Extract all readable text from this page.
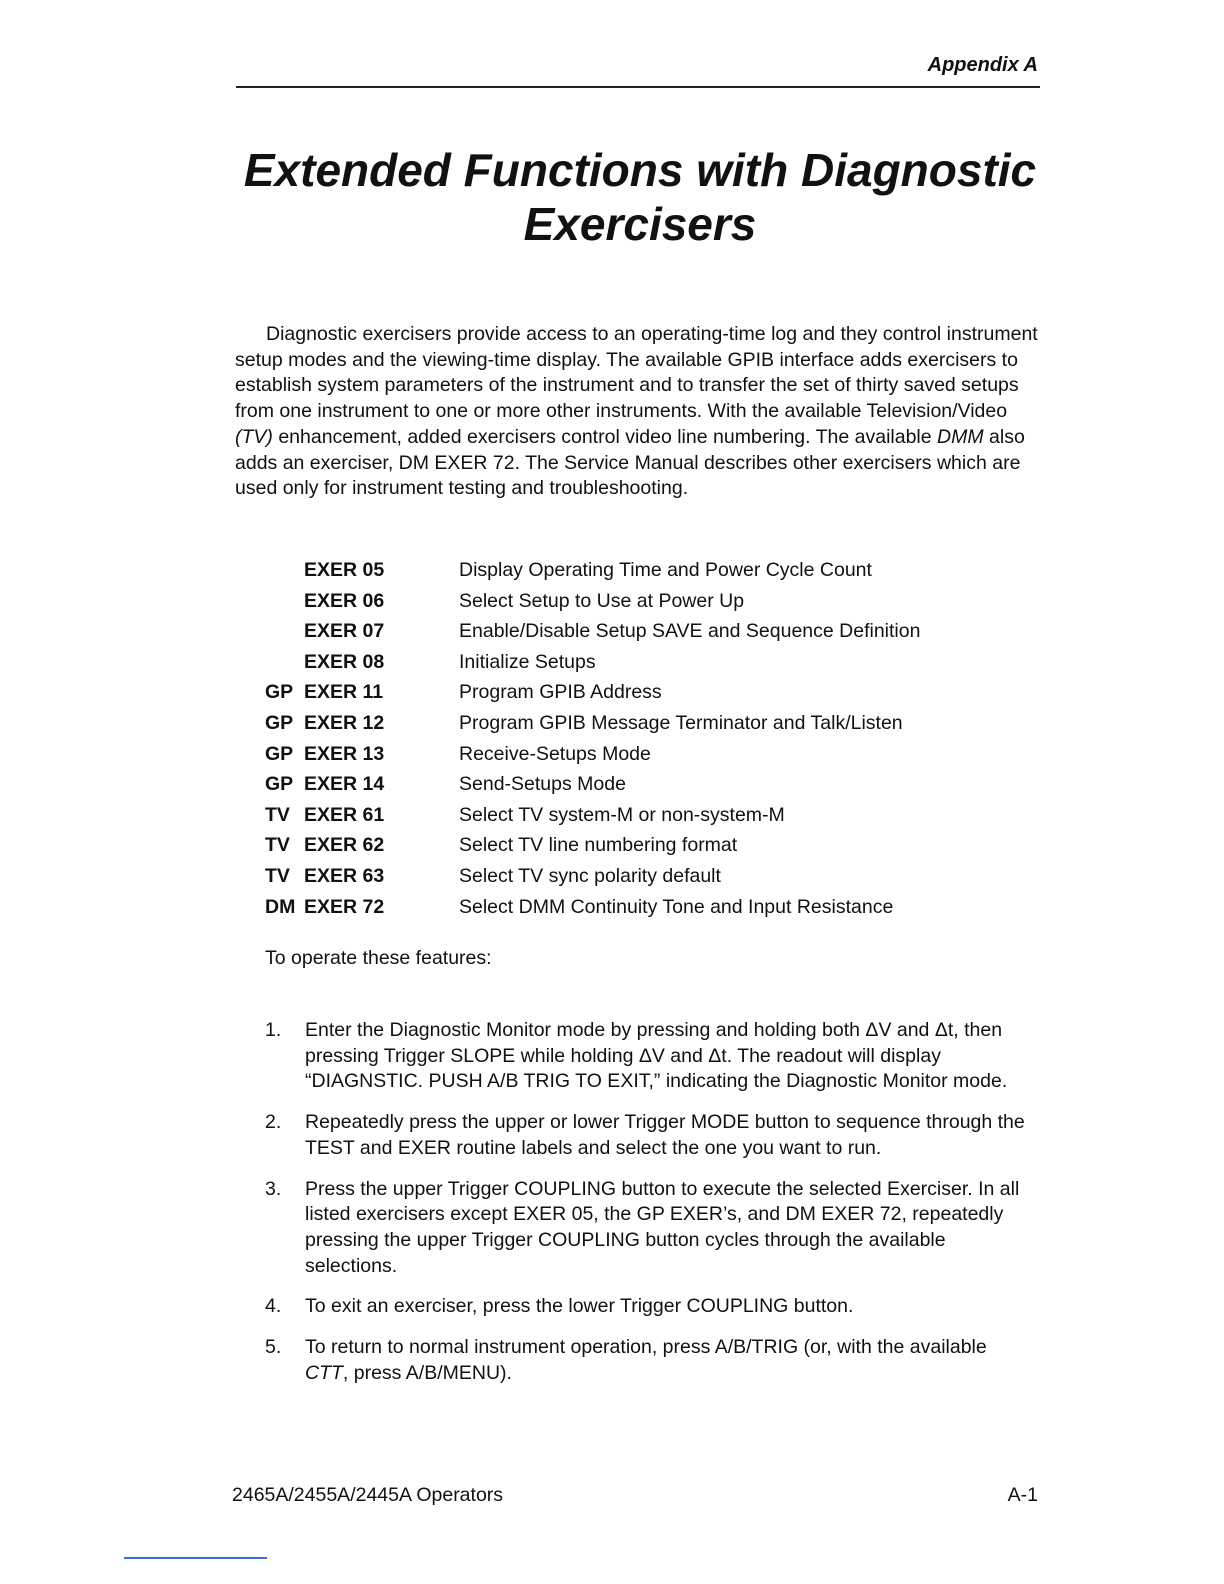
Appendix A
Extended Functions with Diagnostic
Exercisers

Diagnostic exercisers provide access to an operating-time log and they control instrument setup modes and the viewing-time display. The available GPIB interface adds exercisers to establish system parameters of the instrument and to transfer the set of thirty saved setups from one instrument to one or more other instruments. With the available Television/Video (TV) enhancement, added exercisers control video line numbering. The available DMM also adds an exerciser, DM EXER 72. The Service Manual describes other exercisers which are used only for instrument testing and troubleshooting.

EXER 05	Display Operating Time and Power Cycle Count
EXER 06	Select Setup to Use at Power Up
EXER 07	Enable/Disable Setup SAVE and Sequence Definition
EXER 08	Initialize Setups
GP EXER 11	Program GPIB Address
GP EXER 12	Program GPIB Message Terminator and Talk/Listen
GP EXER 13	Receive-Setups Mode
GP EXER 14	Send-Setups Mode
TV EXER 61	Select TV system-M or non-system-M
TV EXER 62	Select TV line numbering format
TV EXER 63	Select TV sync polarity default
DM EXER 72	Select DMM Continuity Tone and Input Resistance

To operate these features:

1. Enter the Diagnostic Monitor mode by pressing and holding both ΔV and Δt, then pressing Trigger SLOPE while holding ΔV and Δt. The readout will display “DIAGNSTIC. PUSH A/B TRIG TO EXIT,” indicating the Diagnostic Monitor mode.
2. Repeatedly press the upper or lower Trigger MODE button to sequence through the TEST and EXER routine labels and select the one you want to run.
3. Press the upper Trigger COUPLING button to execute the selected Exerciser. In all listed exercisers except EXER 05, the GP EXER’s, and DM EXER 72, repeatedly pressing the upper Trigger COUPLING button cycles through the available selections.
4. To exit an exerciser, press the lower Trigger COUPLING button.
5. To return to normal instrument operation, press A/B/TRIG (or, with the available CTT, press A/B/MENU).
2465A/2455A/2445A Operators	A-1
